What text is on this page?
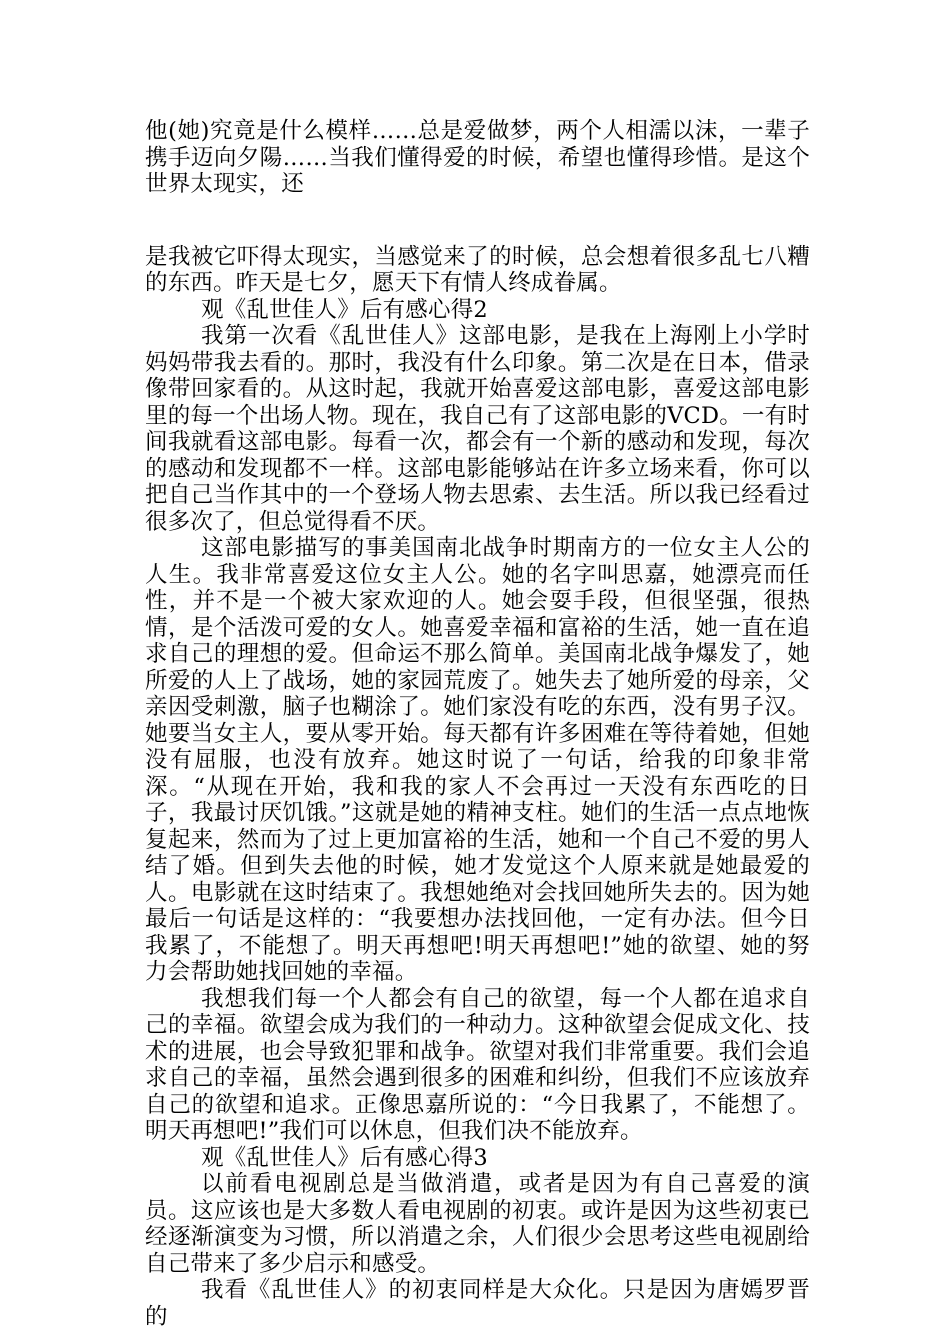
他(她)究竟是什么模样……总是爱做梦，两个人相濡以沫，一辈子携手迈向夕陽……当我们懂得爱的时候，希望也懂得珍惜。是这个世界太现实，还

是我被它吓得太现实，当感觉来了的时候，总会想着很多乱七八糟的东西。昨天是七夕，愿天下有情人终成眷属。

观《乱世佳人》后有感心得2

我第一次看《乱世佳人》这部电影，是我在上海刚上小学时妈妈带我去看的。那时，我没有什么印象。第二次是在日本，借录像带回家看的。从这时起，我就开始喜爱这部电影，喜爱这部电影里的每一个出场人物。现在，我自己有了这部电影的VCD。一有时间我就看这部电影。每看一次，都会有一个新的感动和发现，每次的感动和发现都不一样。这部电影能够站在许多立场来看，你可以把自己当作其中的一个登场人物去思索、去生活。所以我已经看过很多次了，但总觉得看不厌。

这部电影描写的事美国南北战争时期南方的一位女主人公的人生。我非常喜爱这位女主人公。她的名字叫思嘉，她漂亮而任性，并不是一个被大家欢迎的人。她会耍手段，但很坚强，很热情，是个活泼可爱的女人。她喜爱幸福和富裕的生活，她一直在追求自己的理想的爱。但命运不那么简单。美国南北战争爆发了，她所爱的人上了战场，她的家园荒废了。她失去了她所爱的母亲，父亲因受刺激，脑子也糊涂了。她们家没有吃的东西，没有男子汉。她要当女主人，要从零开始。每天都有许多困难在等待着她，但她没有屈服，也没有放弃。她这时说了一句话，给我的印象非常深。“从现在开始，我和我的家人不会再过一天没有东西吃的日子，我最讨厌饥饿。”这就是她的精神支柱。她们的生活一点点地恢复起来，然而为了过上更加富裕的生活，她和一个自己不爱的男人结了婚。但到失去他的时候，她才发觉这个人原来就是她最爱的人。电影就在这时结束了。我想她绝对会找回她所失去的。因为她最后一句话是这样的：“我要想办法找回他，一定有办法。但今日我累了，不能想了。明天再想吧!明天再想吧!”她的欲望、她的努力会帮助她找回她的幸福。

我想我们每一个人都会有自己的欲望，每一个人都在追求自己的幸福。欲望会成为我们的一种动力。这种欲望会促成文化、技术的进展，也会导致犯罪和战争。欲望对我们非常重要。我们会追求自己的幸福，虽然会遇到很多的困难和纠纷，但我们不应该放弃自己的欲望和追求。正像思嘉所说的：“今日我累了，不能想了。明天再想吧!”我们可以休息，但我们决不能放弃。

观《乱世佳人》后有感心得3

以前看电视剧总是当做消遣，或者是因为有自己喜爱的演员。这应该也是大多数人看电视剧的初衷。或许是因为这些初衷已经逐渐演变为习惯，所以消遣之余，人们很少会思考这些电视剧给自己带来了多少启示和感受。

我看《乱世佳人》的初衷同样是大众化。只是因为唐嫣罗晋的
